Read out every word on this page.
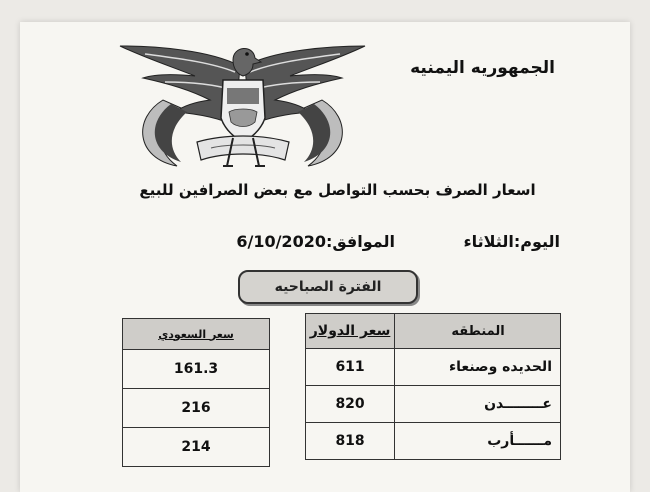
الجمهوريه اليمنيه
اسعار الصرف بحسب التواصل مع بعض الصرافين للبيع
اليوم:الثلاثاء
الموافق:6/10/2020
الفترة الصباحيه
المنطقه	سعر الدولار
الحديده وصنعاء	611
عــــــــدن	820
مــــــأرب	818
سعر السعودي
161.3
216
214
